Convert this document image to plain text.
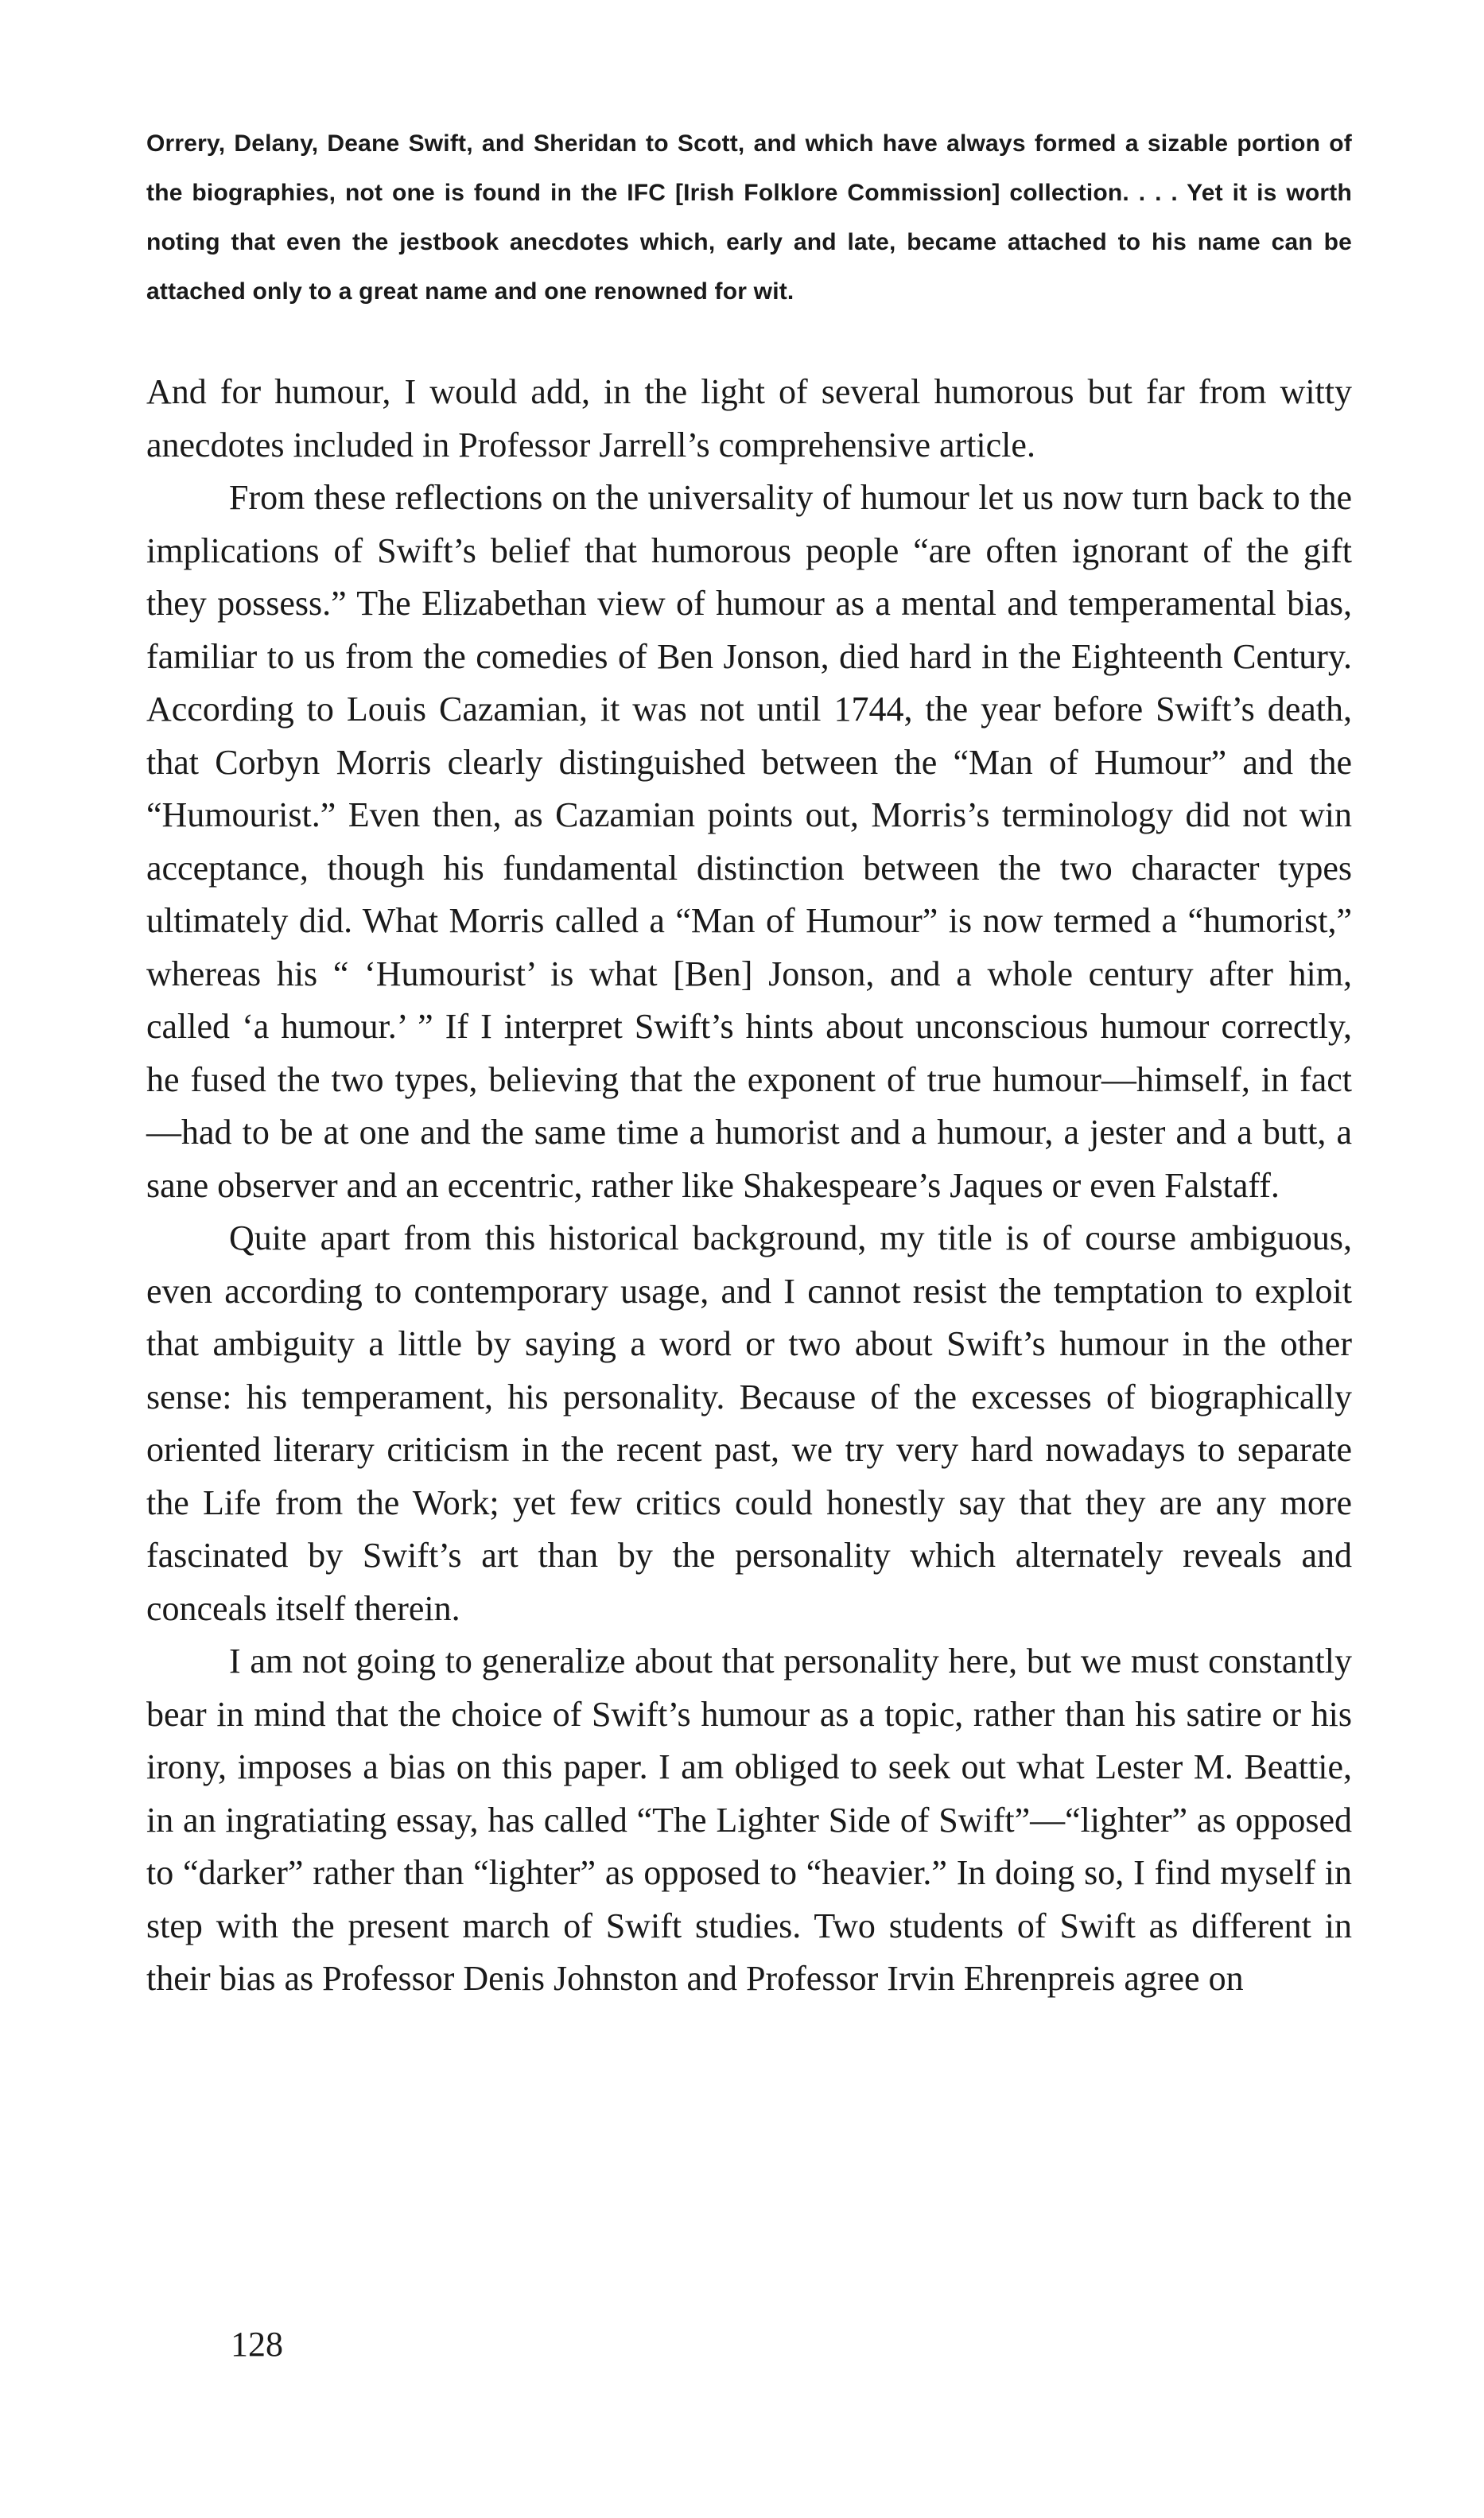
Orrery, Delany, Deane Swift, and Sheridan to Scott, and which have always formed a sizable portion of the biographies, not one is found in the IFC [Irish Folklore Commission] collection. . . . Yet it is worth noting that even the jestbook anecdotes which, early and late, became attached to his name can be attached only to a great name and one renowned for wit.

And for humour, I would add, in the light of several humorous but far from witty anecdotes included in Professor Jarrell’s comprehensive article.

From these reflections on the universality of humour let us now turn back to the implications of Swift’s belief that humorous people “are often ignorant of the gift they possess.” The Elizabethan view of humour as a mental and temperamental bias, familiar to us from the comedies of Ben Jonson, died hard in the Eighteenth Century. According to Louis Cazamian, it was not until 1744, the year before Swift’s death, that Corbyn Morris clearly distinguished between the “Man of Humour” and the “Humourist.” Even then, as Cazamian points out, Morris’s terminology did not win acceptance, though his fundamental distinction between the two character types ultimately did. What Morris called a “Man of Humour” is now termed a “humorist,” whereas his “ ‘Humourist’ is what [Ben] Jonson, and a whole century after him, called ‘a humour.’ ” If I interpret Swift’s hints about unconscious humour correctly, he fused the two types, believing that the exponent of true humour—himself, in fact—had to be at one and the same time a humorist and a humour, a jester and a butt, a sane observer and an eccentric, rather like Shakespeare’s Jaques or even Falstaff.

Quite apart from this historical background, my title is of course ambiguous, even according to contemporary usage, and I cannot resist the temptation to exploit that ambiguity a little by saying a word or two about Swift’s humour in the other sense: his temperament, his personality. Because of the excesses of biographically oriented literary criticism in the recent past, we try very hard nowadays to separate the Life from the Work; yet few critics could honestly say that they are any more fascinated by Swift’s art than by the personality which alternately reveals and conceals itself therein.

I am not going to generalize about that personality here, but we must constantly bear in mind that the choice of Swift’s humour as a topic, rather than his satire or his irony, imposes a bias on this paper. I am obliged to seek out what Lester M. Beattie, in an ingratiating essay, has called “The Lighter Side of Swift”—“lighter” as opposed to “darker” rather than “lighter” as opposed to “heavier.” In doing so, I find myself in step with the present march of Swift studies. Two students of Swift as different in their bias as Professor Denis Johnston and Professor Irvin Ehrenpreis agree on

128
